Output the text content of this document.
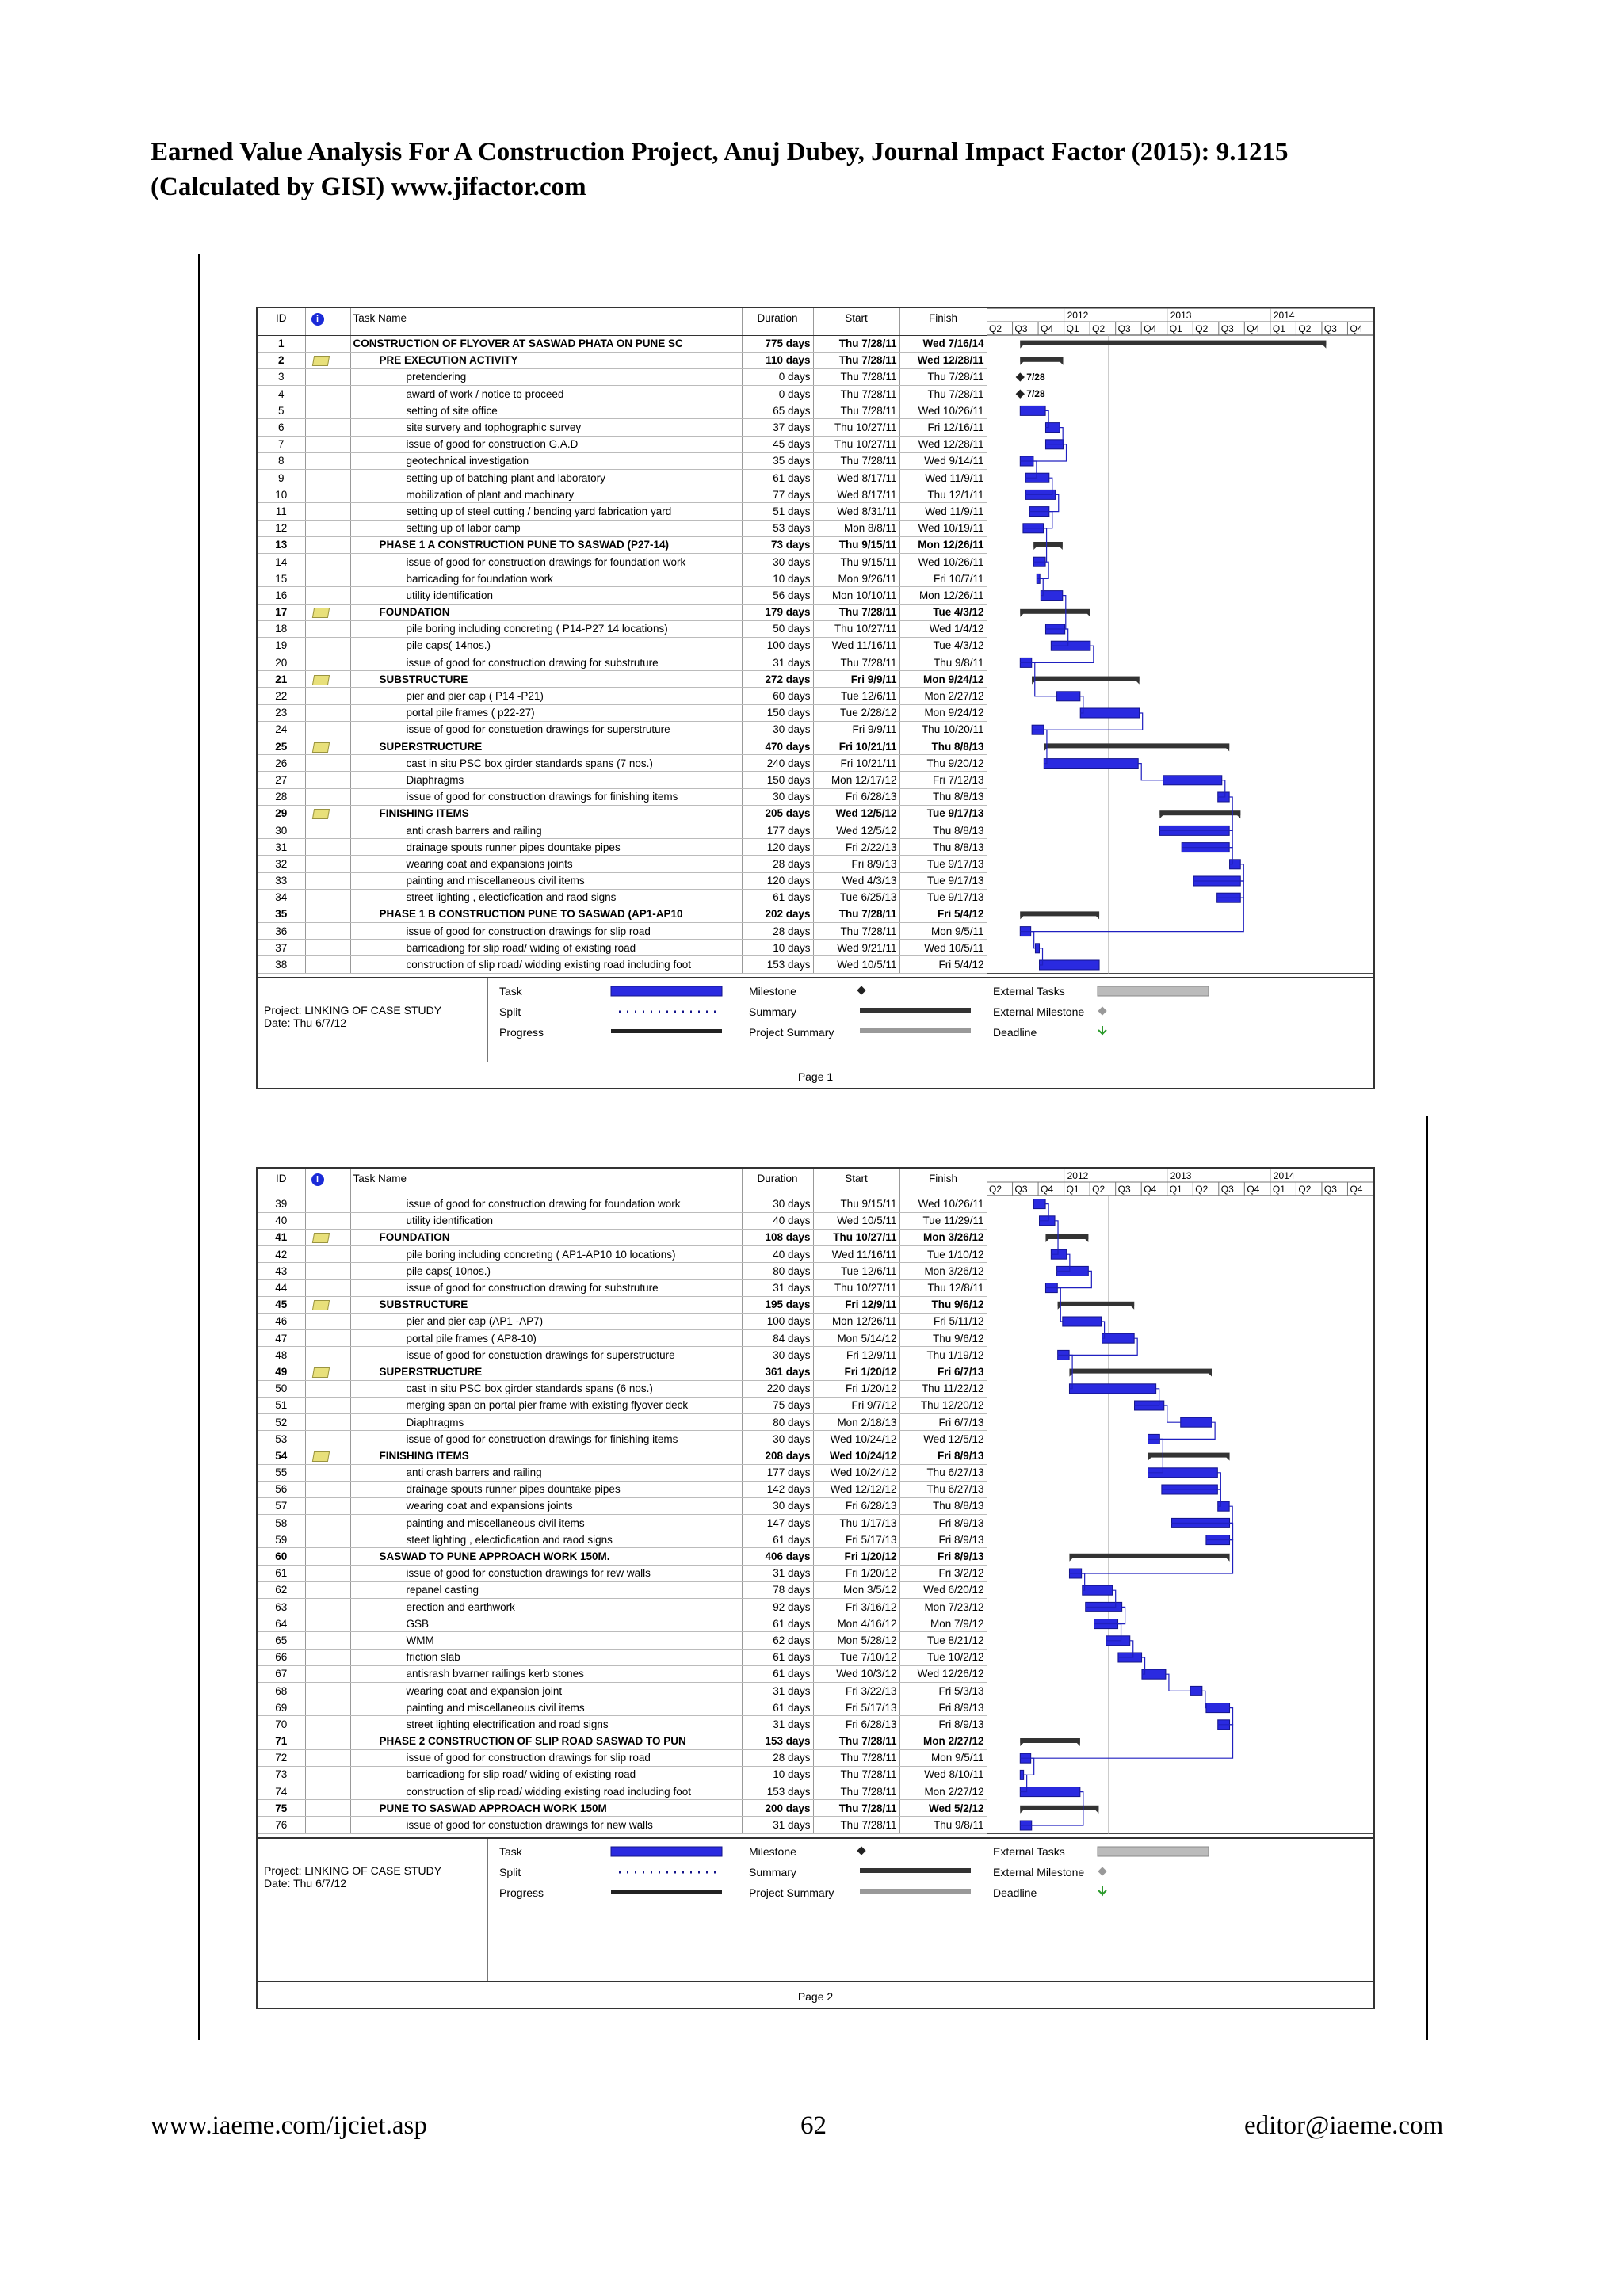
Earned Value Analysis For A Construction Project, Anuj Dubey, Journal Impact Factor (2015): 9.1215
(Calculated by GISI) www.jifactor.com
ID	i	Task Name	Duration	Start	Finish
1		CONSTRUCTION OF FLYOVER AT SASWAD PHATA ON PUNE SC	775 days	Thu 7/28/11	Wed 7/16/14
2		PRE EXECUTION ACTIVITY	110 days	Thu 7/28/11	Wed 12/28/11
3		pretendering	0 days	Thu 7/28/11	Thu 7/28/11
4		award of work / notice to proceed	0 days	Thu 7/28/11	Thu 7/28/11
5		setting of site office	65 days	Thu 7/28/11	Wed 10/26/11
6		site survery and tophographic survey	37 days	Thu 10/27/11	Fri 12/16/11
7		issue of good for construction G.A.D	45 days	Thu 10/27/11	Wed 12/28/11
8		geotechnical investigation	35 days	Thu 7/28/11	Wed 9/14/11
9		setting up of batching plant and laboratory	61 days	Wed 8/17/11	Wed 11/9/11
10		mobilization of plant and machinary	77 days	Wed 8/17/11	Thu 12/1/11
11		setting up of steel cutting / bending yard fabrication yard	51 days	Wed 8/31/11	Wed 11/9/11
12		setting up of labor camp	53 days	Mon 8/8/11	Wed 10/19/11
13		PHASE 1 A CONSTRUCTION PUNE TO SASWAD (P27-14)	73 days	Thu 9/15/11	Mon 12/26/11
14		issue of good for construction drawings for foundation work	30 days	Thu 9/15/11	Wed 10/26/11
15		barricading for foundation work	10 days	Mon 9/26/11	Fri 10/7/11
16		utility identification	56 days	Mon 10/10/11	Mon 12/26/11
17		FOUNDATION	179 days	Thu 7/28/11	Tue 4/3/12
18		pile boring including concreting ( P14-P27 14 locations)	50 days	Thu 10/27/11	Wed 1/4/12
19		pile caps( 14nos.)	100 days	Wed 11/16/11	Tue 4/3/12
20		issue of good for construction drawing for substruture	31 days	Thu 7/28/11	Thu 9/8/11
21		SUBSTRUCTURE	272 days	Fri 9/9/11	Mon 9/24/12
22		pier and pier cap ( P14 -P21)	60 days	Tue 12/6/11	Mon 2/27/12
23		portal pile frames ( p22-27)	150 days	Tue 2/28/12	Mon 9/24/12
24		issue of good for constuetion drawings for superstruture	30 days	Fri 9/9/11	Thu 10/20/11
25		SUPERSTRUCTURE	470 days	Fri 10/21/11	Thu 8/8/13
26		cast in situ PSC box girder standards spans (7 nos.)	240 days	Fri 10/21/11	Thu 9/20/12
27		Diaphragms	150 days	Mon 12/17/12	Fri 7/12/13
28		issue of good for construction drawings for finishing items	30 days	Fri 6/28/13	Thu 8/8/13
29		FINISHING ITEMS	205 days	Wed 12/5/12	Tue 9/17/13
30		anti crash barrers and railing	177 days	Wed 12/5/12	Thu 8/8/13
31		drainage spouts runner pipes dountake pipes	120 days	Fri 2/22/13	Thu 8/8/13
32		wearing coat and expansions joints	28 days	Fri 8/9/13	Tue 9/17/13
33		painting and miscellaneous civil items	120 days	Wed 4/3/13	Tue 9/17/13
34		street lighting , electicfication and raod signs	61 days	Tue 6/25/13	Tue 9/17/13
35		PHASE 1 B CONSTRUCTION PUNE TO SASWAD (AP1-AP10	202 days	Thu 7/28/11	Fri 5/4/12
36		issue of good for construction drawings for slip road	28 days	Thu 7/28/11	Mon 9/5/11
37		barricadiong for slip road/ widing of existing road	10 days	Wed 9/21/11	Wed 10/5/11
38		construction of slip road/ widding existing road including foot	153 days	Wed 10/5/11	Fri 5/4/12
Q2 Q3 Q4 Q1 Q2 Q3 Q4 Q1 Q2 Q3 Q4 Q1 Q2 Q3 Q4
2012	2013	2014
7/28
7/28
Project: LINKING OF CASE STUDY
Date: Thu 6/7/12
Task
Split
Progress
Milestone
Summary
Project Summary
External Tasks
External Milestone
Deadline
Page 1
ID	i	Task Name	Duration	Start	Finish
39		issue of good for construction drawing for foundation work	30 days	Thu 9/15/11	Wed 10/26/11
40		utility identification	40 days	Wed 10/5/11	Tue 11/29/11
41		FOUNDATION	108 days	Thu 10/27/11	Mon 3/26/12
42		pile boring including concreting ( AP1-AP10 10 locations)	40 days	Wed 11/16/11	Tue 1/10/12
43		pile caps( 10nos.)	80 days	Tue 12/6/11	Mon 3/26/12
44		issue of good for construction drawing for substruture	31 days	Thu 10/27/11	Thu 12/8/11
45		SUBSTRUCTURE	195 days	Fri 12/9/11	Thu 9/6/12
46		pier and pier cap (AP1 -AP7)	100 days	Mon 12/26/11	Fri 5/11/12
47		portal pile frames ( AP8-10)	84 days	Mon 5/14/12	Thu 9/6/12
48		issue of good for constuction drawings for superstructure	30 days	Fri 12/9/11	Thu 1/19/12
49		SUPERSTRUCTURE	361 days	Fri 1/20/12	Fri 6/7/13
50		cast in situ PSC box girder standards spans (6 nos.)	220 days	Fri 1/20/12	Thu 11/22/12
51		merging span on portal pier frame with existing flyover deck	75 days	Fri 9/7/12	Thu 12/20/12
52		Diaphragms	80 days	Mon 2/18/13	Fri 6/7/13
53		issue of good for construction drawings for finishing items	30 days	Wed 10/24/12	Wed 12/5/12
54		FINISHING ITEMS	208 days	Wed 10/24/12	Fri 8/9/13
55		anti crash barrers and railing	177 days	Wed 10/24/12	Thu 6/27/13
56		drainage spouts runner pipes dountake pipes	142 days	Wed 12/12/12	Thu 6/27/13
57		wearing coat and expansions joints	30 days	Fri 6/28/13	Thu 8/8/13
58		painting and miscellaneous civil items	147 days	Thu 1/17/13	Fri 8/9/13
59		steet lighting , electicfication and raod signs	61 days	Fri 5/17/13	Fri 8/9/13
60		SASWAD TO PUNE APPROACH WORK 150M.	406 days	Fri 1/20/12	Fri 8/9/13
61		issue of good for constuction drawings for rew walls	31 days	Fri 1/20/12	Fri 3/2/12
62		repanel casting	78 days	Mon 3/5/12	Wed 6/20/12
63		erection and earthwork	92 days	Fri 3/16/12	Mon 7/23/12
64		GSB	61 days	Mon 4/16/12	Mon 7/9/12
65		WMM	62 days	Mon 5/28/12	Tue 8/21/12
66		friction slab	61 days	Tue 7/10/12	Tue 10/2/12
67		antisrash bvarner railings kerb stones	61 days	Wed 10/3/12	Wed 12/26/12
68		wearing coat and expansion joint	31 days	Fri 3/22/13	Fri 5/3/13
69		painting and miscellaneous civil items	61 days	Fri 5/17/13	Fri 8/9/13
70		street lighting electrification and road signs	31 days	Fri 6/28/13	Fri 8/9/13
71		PHASE 2 CONSTRUCTION OF SLIP ROAD SASWAD TO PUN	153 days	Thu 7/28/11	Mon 2/27/12
72		issue of good for construction drawings for slip road	28 days	Thu 7/28/11	Mon 9/5/11
73		barricadiong for slip road/ widing of existing road	10 days	Thu 7/28/11	Wed 8/10/11
74		construction of slip road/ widding existing road including foot	153 days	Thu 7/28/11	Mon 2/27/12
75		PUNE TO SASWAD APPROACH WORK 150M	200 days	Thu 7/28/11	Wed 5/2/12
76		issue of good for constuction drawings for new walls	31 days	Thu 7/28/11	Thu 9/8/11
Q2 Q3 Q4 Q1 Q2 Q3 Q4 Q1 Q2 Q3 Q4 Q1 Q2 Q3 Q4
2012	2013	2014
Project: LINKING OF CASE STUDY
Date: Thu 6/7/12
Task
Split
Progress
Milestone
Summary
Project Summary
External Tasks
External Milestone
Deadline
Page 2
www.iaeme.com/ijciet.asp	62	editor@iaeme.com
